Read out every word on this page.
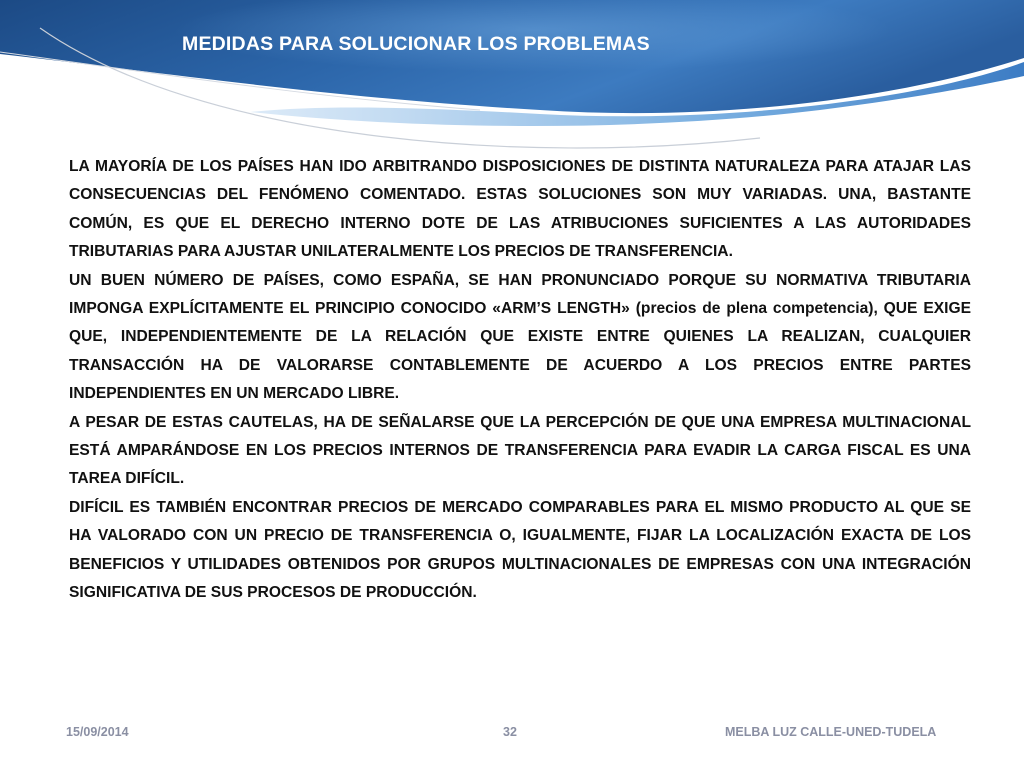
MEDIDAS PARA SOLUCIONAR LOS PROBLEMAS

LA MAYORÍA DE LOS PAÍSES HAN IDO ARBITRANDO DISPOSICIONES DE DISTINTA NATURALEZA PARA ATAJAR LAS CONSECUENCIAS DEL FENÓMENO COMENTADO. ESTAS SOLUCIONES SON MUY VARIADAS. UNA, BASTANTE COMÚN, ES QUE EL DERECHO INTERNO DOTE DE LAS ATRIBUCIONES SUFICIENTES A LAS AUTORIDADES TRIBUTARIAS PARA AJUSTAR UNILATERALMENTE LOS PRECIOS DE TRANSFERENCIA.

UN BUEN NÚMERO DE PAÍSES, COMO ESPAÑA, SE HAN PRONUNCIADO PORQUE SU NORMATIVA TRIBUTARIA IMPONGA EXPLÍCITAMENTE EL PRINCIPIO CONOCIDO «ARM’S LENGTH» (precios de plena competencia), QUE EXIGE QUE, INDEPENDIENTEMENTE DE LA RELACIÓN QUE EXISTE ENTRE QUIENES LA REALIZAN, CUALQUIER TRANSACCIÓN HA DE VALORARSE CONTABLEMENTE DE ACUERDO A LOS PRECIOS ENTRE PARTES INDEPENDIENTES EN UN MERCADO LIBRE.

A PESAR DE ESTAS CAUTELAS, HA DE SEÑALARSE QUE LA PERCEPCIÓN DE QUE UNA EMPRESA MULTINACIONAL ESTÁ AMPARÁNDOSE EN LOS PRECIOS INTERNOS DE TRANSFERENCIA PARA EVADIR LA CARGA FISCAL ES UNA TAREA DIFÍCIL.

DIFÍCIL ES TAMBIÉN ENCONTRAR PRECIOS DE MERCADO COMPARABLES PARA EL MISMO PRODUCTO AL QUE SE HA VALORADO CON UN PRECIO DE TRANSFERENCIA O, IGUALMENTE, FIJAR LA LOCALIZACIÓN EXACTA DE LOS BENEFICIOS Y UTILIDADES OBTENIDOS POR GRUPOS MULTINACIONALES DE EMPRESAS CON UNA INTEGRACIÓN SIGNIFICATIVA DE SUS PROCESOS DE PRODUCCIÓN.

15/09/2014	32	MELBA LUZ CALLE-UNED-TUDELA
